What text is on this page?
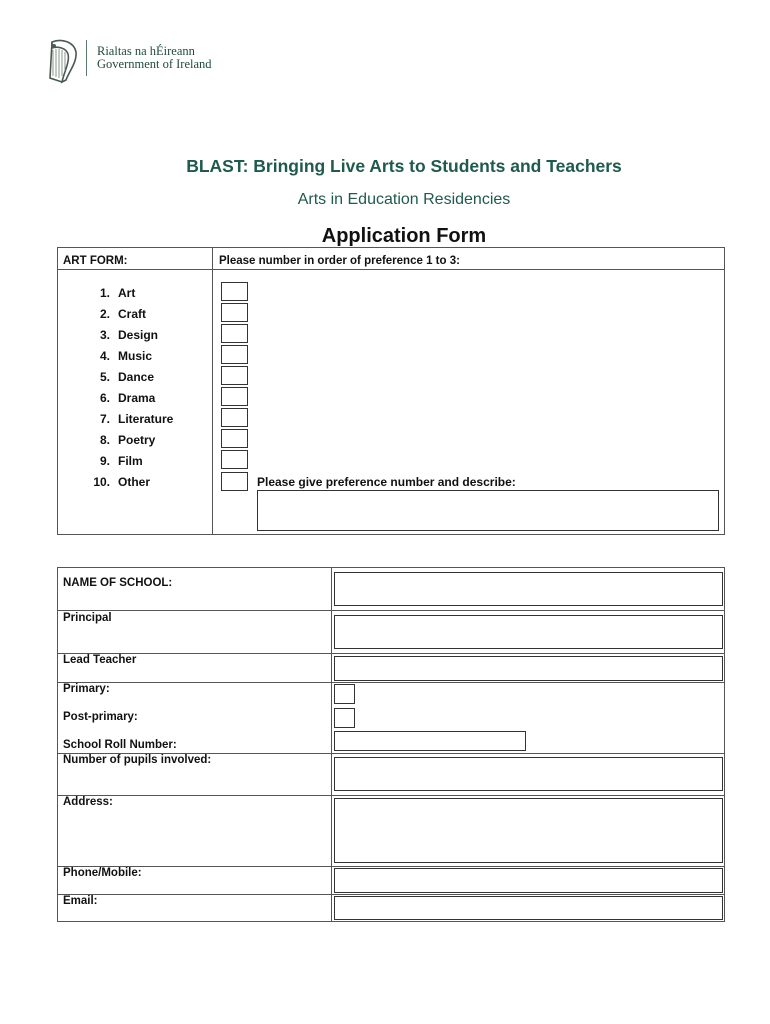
Rialtas na hÉireann
Government of Ireland
BLAST: Bringing Live Arts to Students and Teachers
Arts in Education Residencies
Application Form
ART FORM:	Please number in order of preference 1 to 3:
1. Art
2. Craft
3. Design
4. Music
5. Dance
6. Drama
7. Literature
8. Poetry
9. Film
10. Other	Please give preference number and describe:
NAME OF SCHOOL:
Principal
Lead Teacher
Primary:
Post-primary:
School Roll Number:
Number of pupils involved:
Address:
Phone/Mobile:
Email:
